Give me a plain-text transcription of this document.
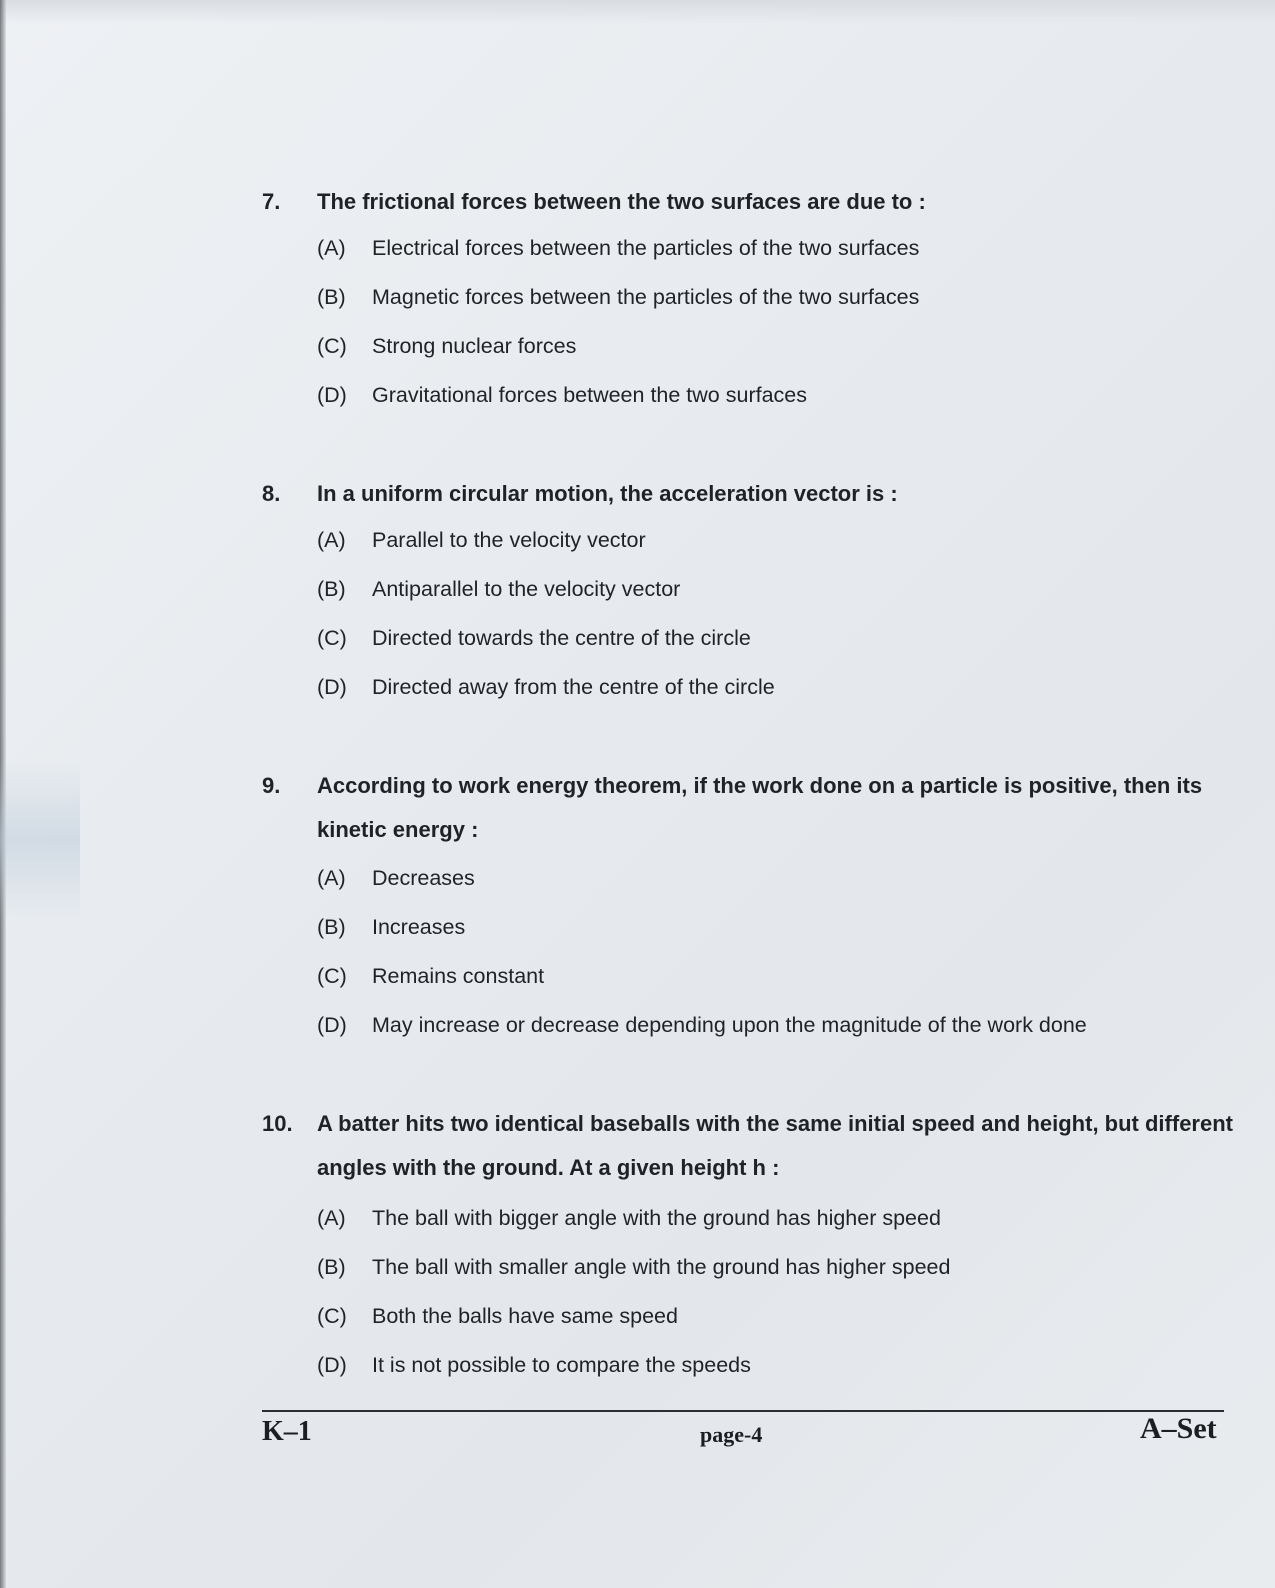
7. The frictional forces between the two surfaces are due to :
(A) Electrical forces between the particles of the two surfaces
(B) Magnetic forces between the particles of the two surfaces
(C) Strong nuclear forces
(D) Gravitational forces between the two surfaces
8. In a uniform circular motion, the acceleration vector is :
(A) Parallel to the velocity vector
(B) Antiparallel to the velocity vector
(C) Directed towards the centre of the circle
(D) Directed away from the centre of the circle
9. According to work energy theorem, if the work done on a particle is positive, then its kinetic energy :
(A) Decreases
(B) Increases
(C) Remains constant
(D) May increase or decrease depending upon the magnitude of the work done
10. A batter hits two identical baseballs with the same initial speed and height, but different angles with the ground. At a given height h :
(A) The ball with bigger angle with the ground has higher speed
(B) The ball with smaller angle with the ground has higher speed
(C) Both the balls have same speed
(D) It is not possible to compare the speeds
K–1	page-4	A–Set
